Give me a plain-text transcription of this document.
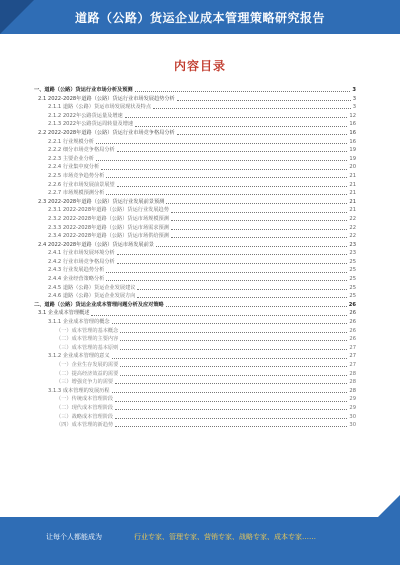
道路（公路）货运企业成本管理策略研究报告
内容目录
一、道路（公路）货运行业市场分析及预测	3
2.1 2022-2028年道路（公路）货运行业市场发展趋势分析	3
2.1.1 道路（公路）货运市场发展现状及特点	3
2.1.2 2022年公路货运量及增速	12
2.1.3 2022年公路货运周转量及增速	16
2.2 2022-2028年道路（公路）货运行业市场竞争格局分析	16
2.2.1 行业规模分析	16
2.2.2 细分市场竞争格局分析	19
2.2.3 主要企业分析	19
2.2.4 行业集中度分析	20
2.2.5 市场竞争趋势分析	21
2.2.6 行业市场发展前景展望	21
2.2.7 市场规模预测分析	21
2.3 2022-2028年道路（公路）货运行业发展前景预测	21
2.3.1 2022-2028年道路（公路）货运行业发展趋势	21
2.3.2 2022-2028年道路（公路）货运市场规模预测	22
2.3.3 2022-2028年道路（公路）货运市场需求预测	22
2.3.4 2022-2028年道路（公路）货运市场供给预测	22
2.4 2022-2028年道路（公路）货运市场发展前景	23
2.4.1 行业市场发展环境分析	23
2.4.2 行业市场竞争格局分析	25
2.4.3 行业发展趋势分析	25
2.4.4 企业经营策略分析	25
2.4.5 道路（公路）货运企业发展建议	25
2.4.6 道路（公路）货运企业发展方向	25
二、道路（公路）货运企业成本管理问题分析及应对策略	26
3.1 企业成本管理概述	26
3.1.1 企业成本管理的概念	26
（一）成本管理的基本概念	26
（二）成本管理的主要内容	26
（三）成本管理的基本原则	27
3.1.2 企业成本管理的意义	27
（一）企业生存发展的需要	27
（二）提高经济效益的需要	28
（三）增强竞争力的需要	28
3.1.3 成本管理的发展历程	28
（一）传统成本管理阶段	29
（二）现代成本管理阶段	29
（三）战略成本管理阶段	30
（四）成本管理的新趋势	30
让每个人都能成为	行业专家、管理专家、营销专家、战略专家、成本专家……
